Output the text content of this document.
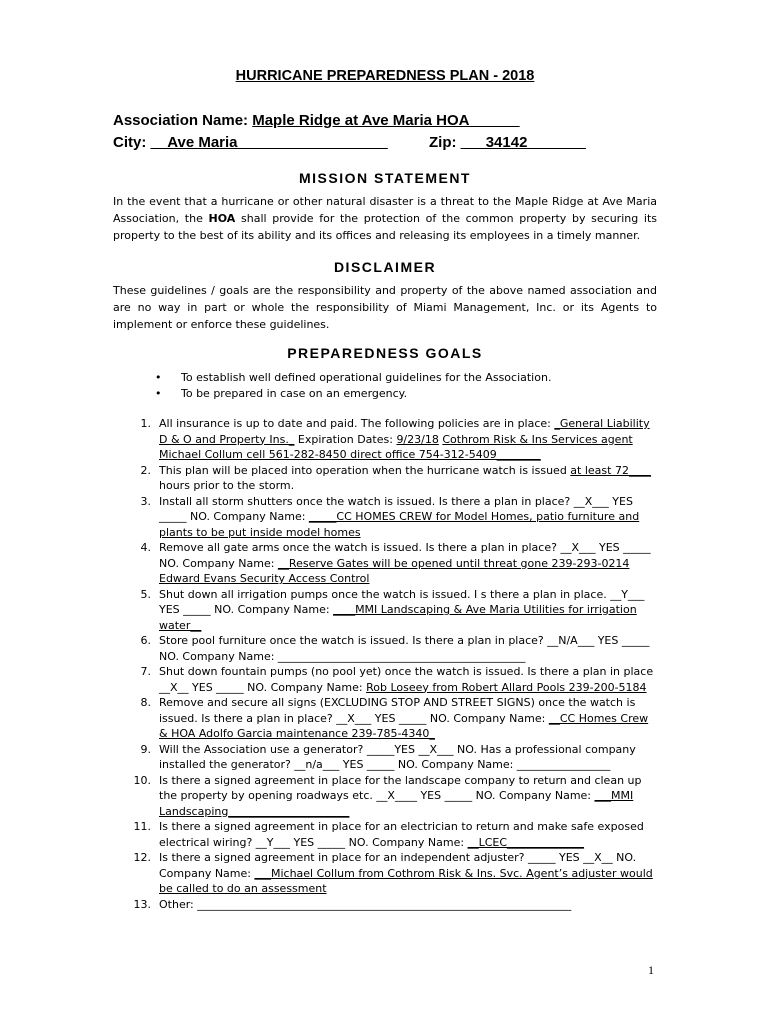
HURRICANE PREPAREDNESS PLAN - 2018
Association Name: Maple Ridge at Ave Maria HOA______
City: __Ave Maria__________________	Zip: ___34142_______
MISSION STATEMENT
In the event that a hurricane or other natural disaster is a threat to the Maple Ridge at Ave Maria Association, the HOA shall provide for the protection of the common property by securing its property to the best of its ability and its offices and releasing its employees in a timely manner.
DISCLAIMER
These guidelines / goals are the responsibility and property of the above named association and are no way in part or whole the responsibility of Miami Management, Inc. or its Agents to implement or enforce these guidelines.
PREPAREDNESS GOALS
• To establish well defined operational guidelines for the Association.
• To be prepared in case on an emergency.
1. All insurance is up to date and paid. The following policies are in place: _General Liability D & O and Property Ins._ Expiration Dates: 9/23/18 Cothrom Risk & Ins Services agent Michael Collum cell 561-282-8450 direct office 754-312-5409________
2. This plan will be placed into operation when the hurricane watch is issued at least 72____ hours prior to the storm.
3. Install all storm shutters once the watch is issued. Is there a plan in place? __X___ YES _____ NO. Company Name: _____CC HOMES CREW for Model Homes, patio furniture and plants to be put inside model homes
4. Remove all gate arms once the watch is issued. Is there a plan in place? __X___ YES _____ NO. Company Name: __Reserve Gates will be opened until threat gone 239-293-0214 Edward Evans Security Access Control
5. Shut down all irrigation pumps once the watch is issued. I s there a plan in place. __Y___ YES _____ NO. Company Name: ____MMI Landscaping & Ave Maria Utilities for irrigation water__
6. Store pool furniture once the watch is issued. Is there a plan in place? __N/A___ YES _____ NO. Company Name: _____________________________________________
7. Shut down fountain pumps (no pool yet) once the watch is issued. Is there a plan in place __X__ YES _____ NO. Company Name: Rob Loseey from Robert Allard Pools 239-200-5184
8. Remove and secure all signs (EXCLUDING STOP AND STREET SIGNS) once the watch is issued. Is there a plan in place? __X___ YES _____ NO. Company Name: __CC Homes Crew & HOA Adolfo Garcia maintenance 239-785-4340_
9. Will the Association use a generator? _____YES __X___ NO. Has a professional company installed the generator? __n/a___ YES _____ NO. Company Name: _________________
10. Is there a signed agreement in place for the landscape company to return and clean up the property by opening roadways etc. __X____ YES _____ NO. Company Name: ___MMI Landscaping______________________
11. Is there a signed agreement in place for an electrician to return and make safe exposed electrical wiring? __Y___ YES _____ NO. Company Name: __LCEC______________
12. Is there a signed agreement in place for an independent adjuster? _____ YES __X__ NO. Company Name: ___Michael Collum from Cothrom Risk & Ins. Svc. Agent’s adjuster would be called to do an assessment
13. Other: ____________________________________________________________________
1
